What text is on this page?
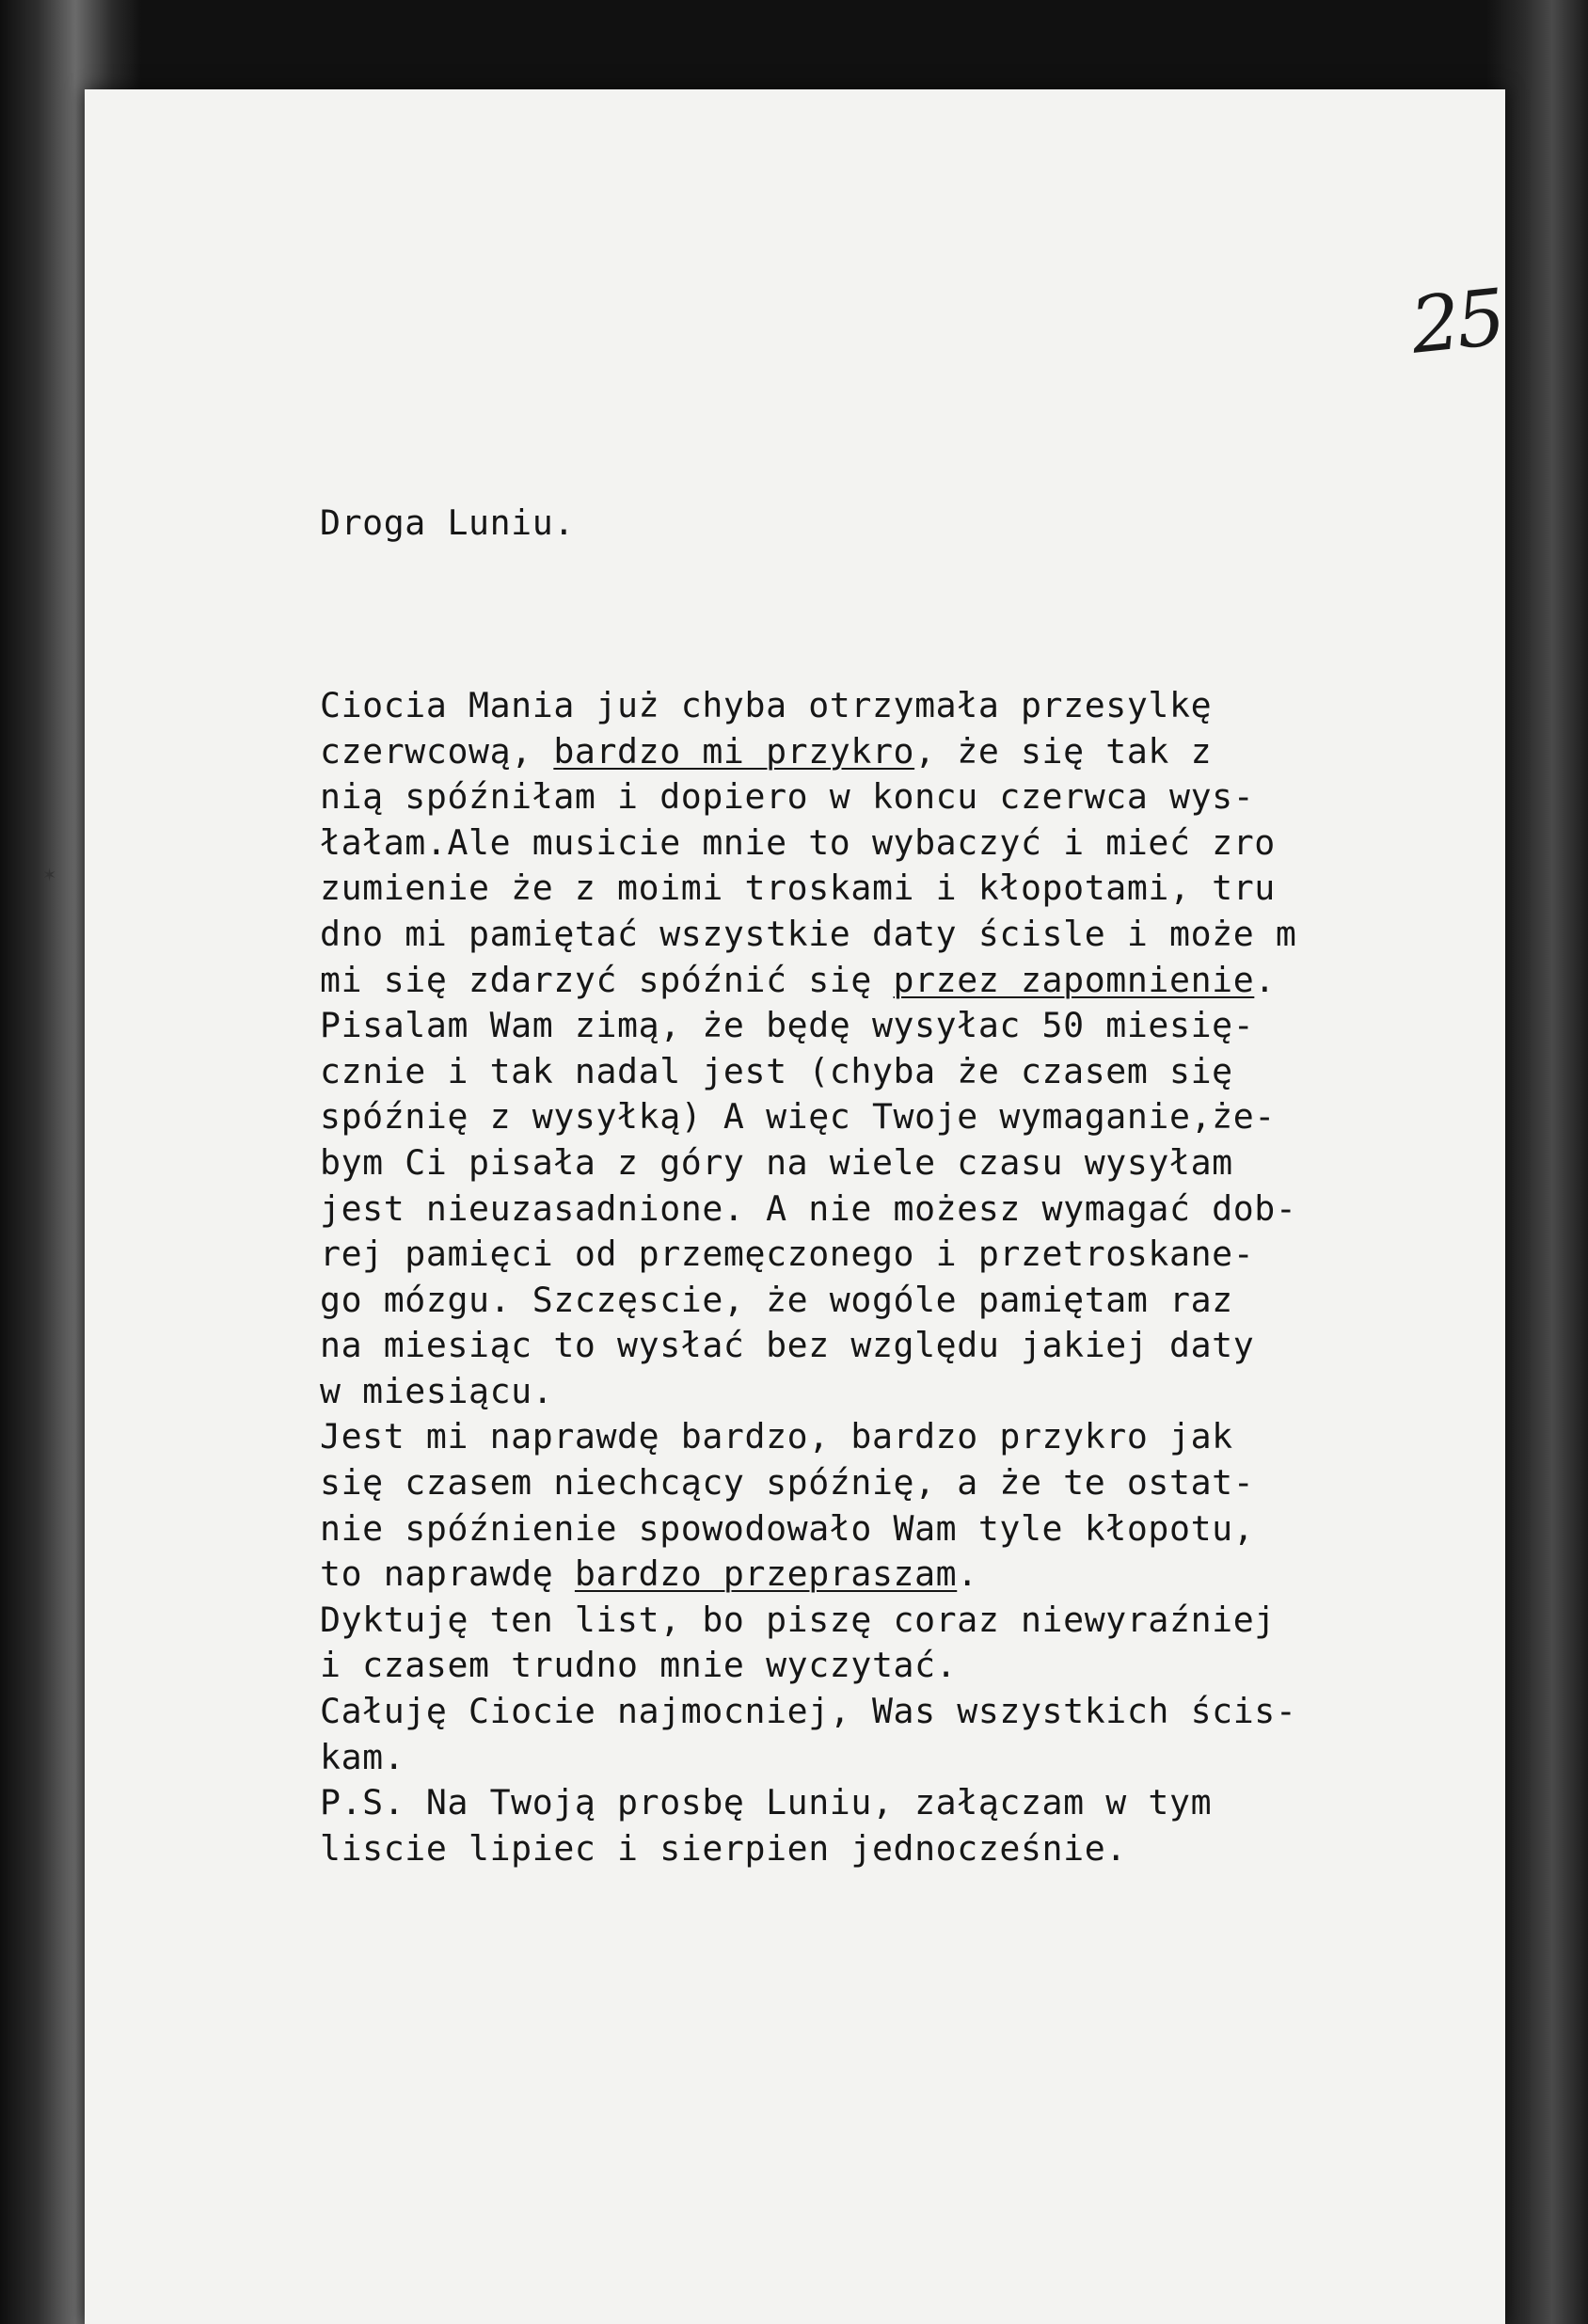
25

Droga Luniu.

Ciocia Mania już chyba otrzymała przesylkę
czerwcową, bardzo mi przykro, że się tak z
nią spóźniłam i dopiero w koncu czerwca wys-
łałam.Ale musicie mnie to wybaczyć i mieć zro
zumienie że z moimi troskami i kłopotami, tru
dno mi pamiętać wszystkie daty ścisle i może m
mi się zdarzyć spóźnić się przez zapomnienie.
Pisalam Wam zimą, że będę wysyłac 50 miesię-
cznie i tak nadal jest (chyba że czasem się
spóźnię z wysyłką) A więc Twoje wymaganie,że-
bym Ci pisała z góry na wiele czasu wysyłam
jest nieuzasadnione. A nie możesz wymagać dob-
rej pamięci od przemęczonego i przetroskane-
go mózgu. Szczęscie, że wogóle pamiętam raz
na miesiąc to wysłać bez względu jakiej daty
w miesiącu.
Jest mi naprawdę bardzo, bardzo przykro jak
się czasem niechcący spóźnię, a że te ostat-
nie spóźnienie spowodowało Wam tyle kłopotu,
to naprawdę bardzo przepraszam.
Dyktuję ten list, bo piszę coraz niewyraźniej
i czasem trudno mnie wyczytać.
Całuję Ciocie najmocniej, Was wszystkich ścis-
kam.
P.S. Na Twoją prosbę Luniu, załączam w tym
liscie lipiec i sierpien jednocześnie.

✶
